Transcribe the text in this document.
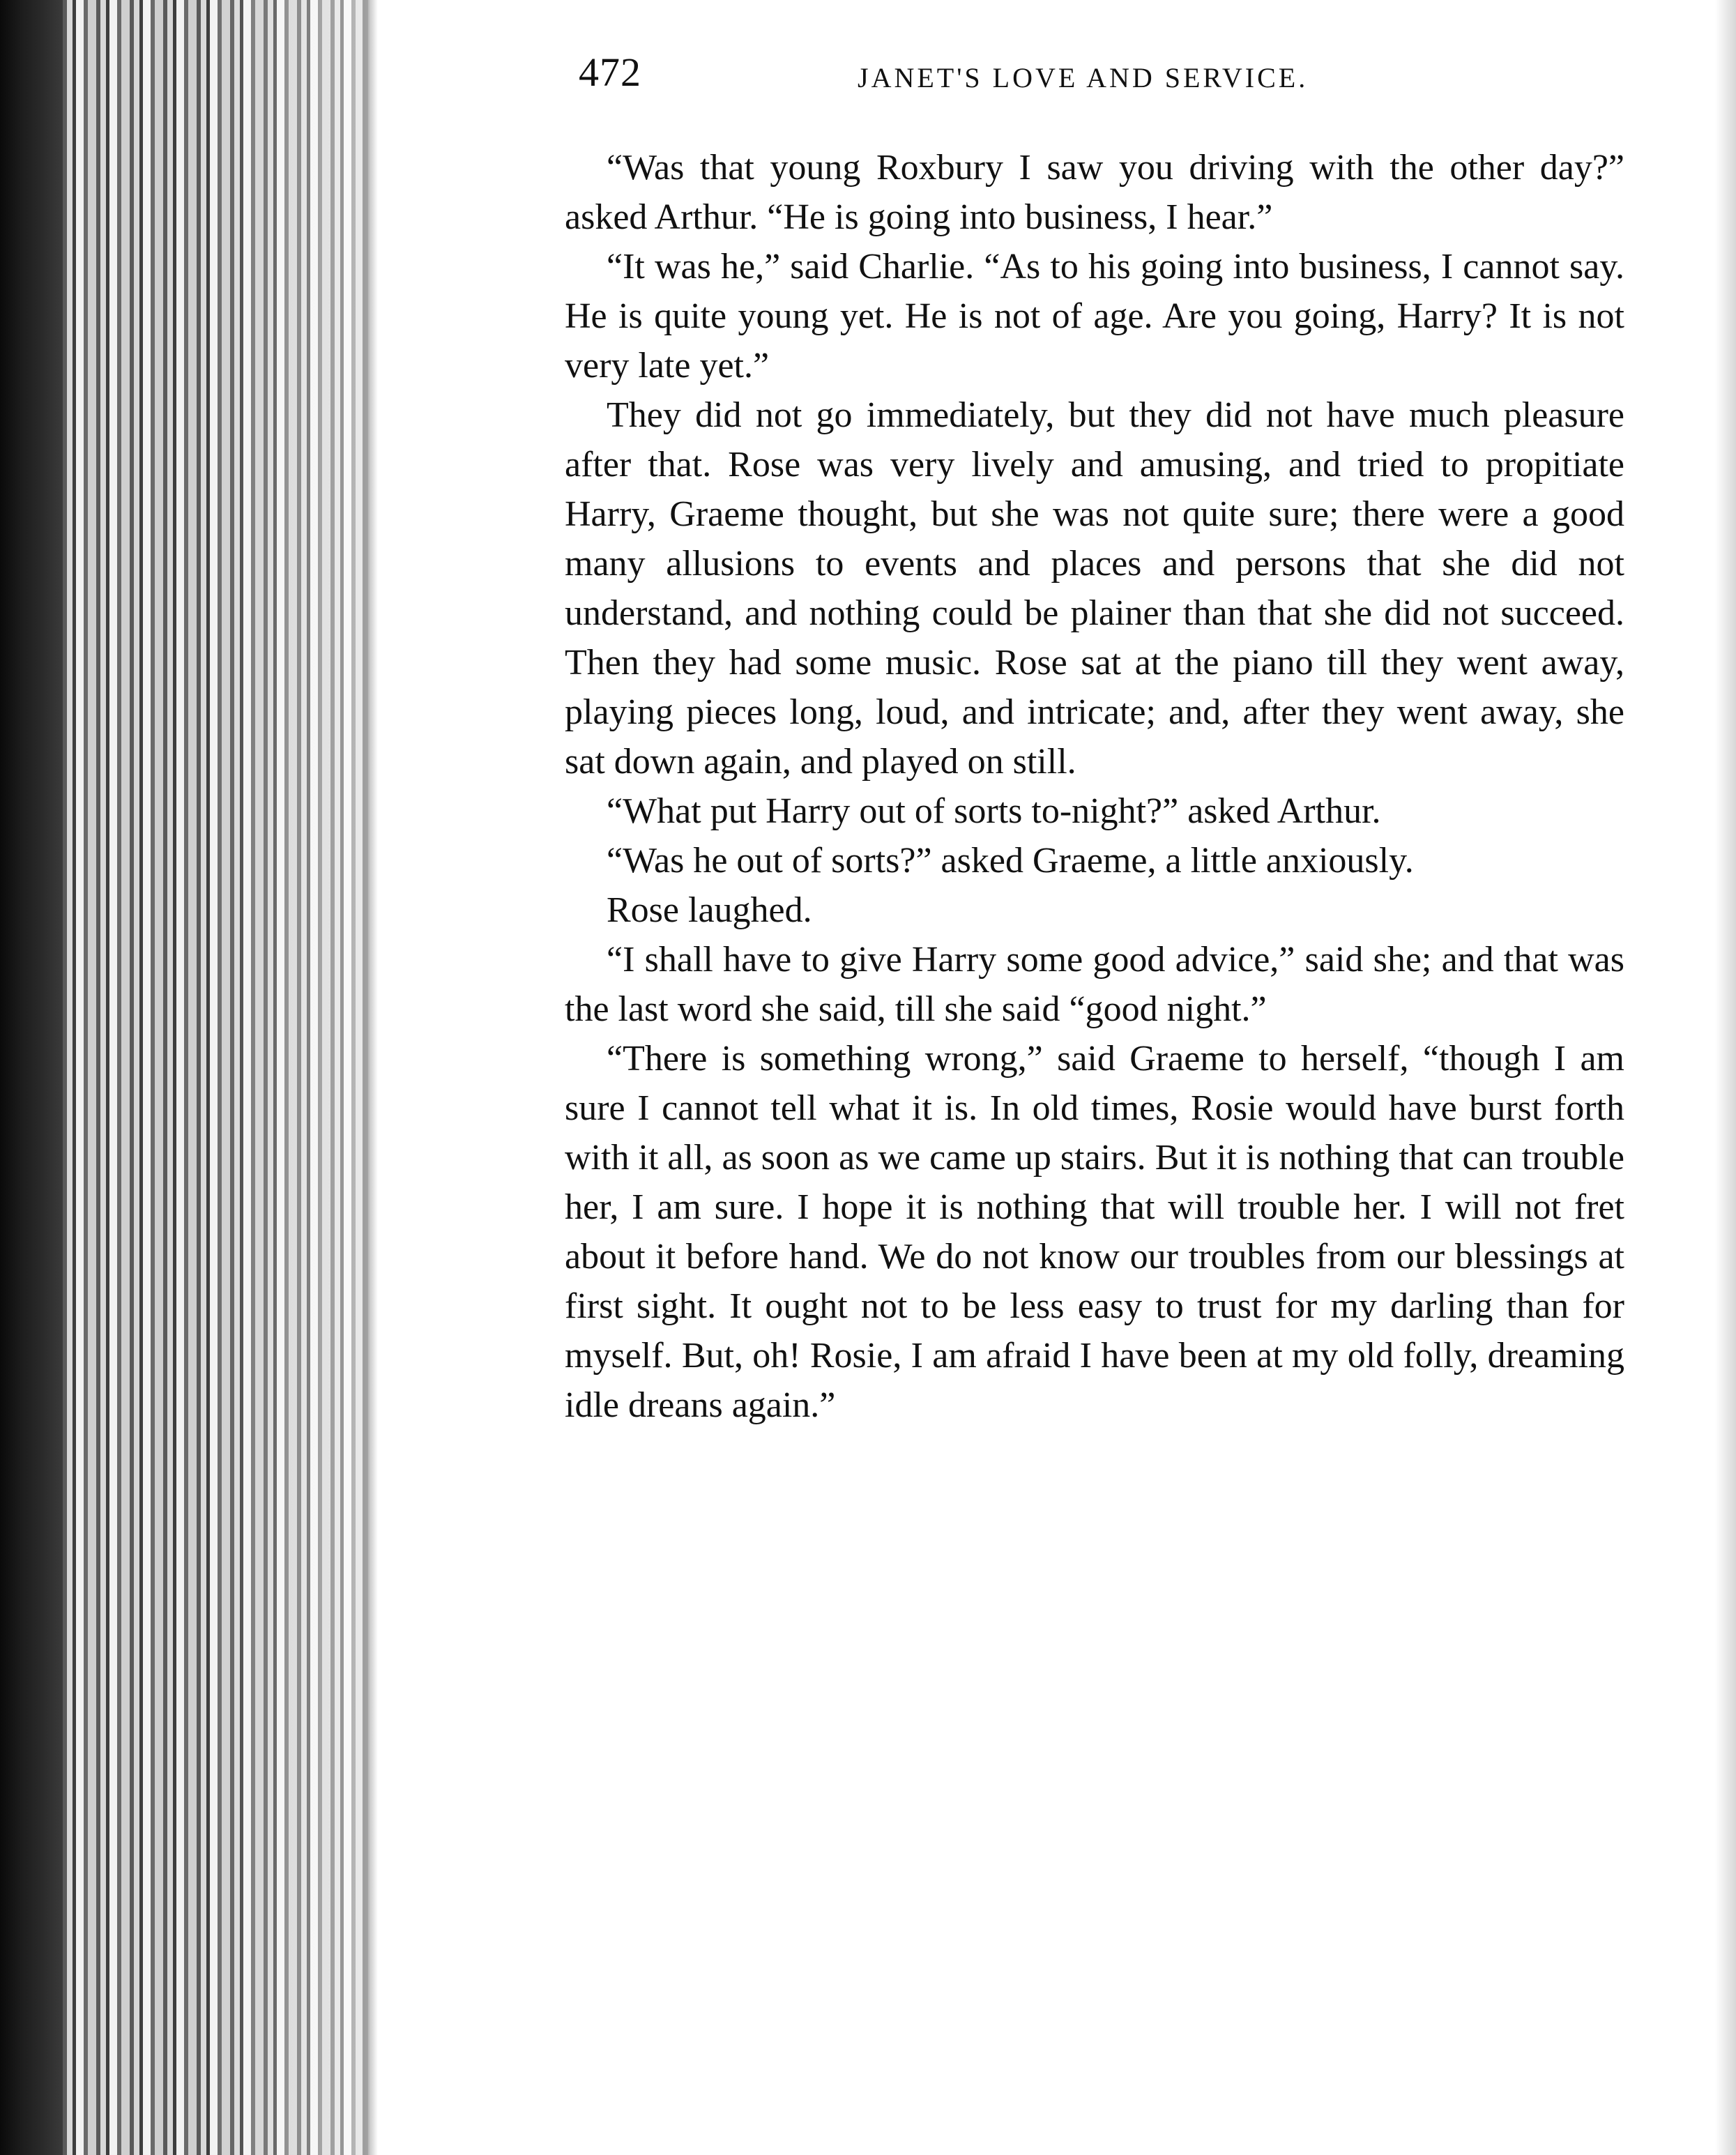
472	JANET'S LOVE AND SERVICE.

“Was that young Roxbury I saw you driving with the other day?” asked Arthur. “He is going into business, I hear.”

“It was he,” said Charlie. “As to his going into business, I cannot say. He is quite young yet. He is not of age. Are you going, Harry? It is not very late yet.”

They did not go immediately, but they did not have much pleasure after that. Rose was very lively and amusing, and tried to propitiate Harry, Graeme thought, but she was not quite sure; there were a good many allusions to events and places and persons that she did not understand, and nothing could be plainer than that she did not succeed. Then they had some music. Rose sat at the piano till they went away, playing pieces long, loud, and intricate; and, after they went away, she sat down again, and played on still.

“What put Harry out of sorts to-night?” asked Arthur.

“Was he out of sorts?” asked Graeme, a little anxiously.

Rose laughed.

“I shall have to give Harry some good advice,” said she; and that was the last word she said, till she said “good night.”

“There is something wrong,” said Graeme to herself, “though I am sure I cannot tell what it is. In old times, Rosie would have burst forth with it all, as soon as we came up stairs. But it is nothing that can trouble her, I am sure. I hope it is nothing that will trouble her. I will not fret about it before hand. We do not know our troubles from our blessings at first sight. It ought not to be less easy to trust for my darling than for myself. But, oh! Rosie, I am afraid I have been at my old folly, dreaming idle dreans again.”
